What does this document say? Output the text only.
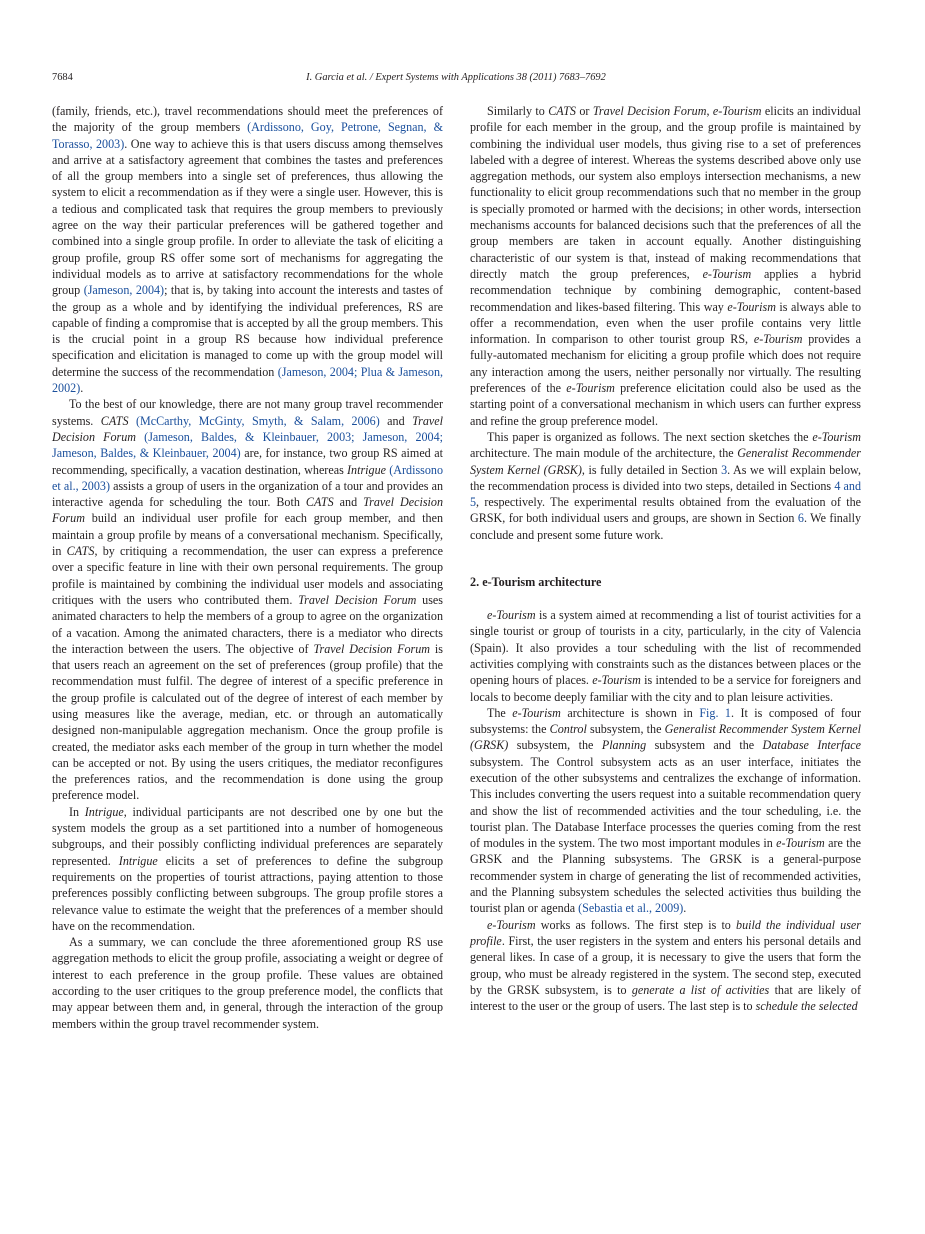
7684	I. Garcia et al. / Expert Systems with Applications 38 (2011) 7683–7692

(family, friends, etc.), travel recommendations should meet the preferences of the majority of the group members (Ardissono, Goy, Petrone, Segnan, & Torasso, 2003). One way to achieve this is that users discuss among themselves and arrive at a satisfactory agreement that combines the tastes and preferences of all the group members into a single set of preferences, thus allowing the system to elicit a recommendation as if they were a single user. However, this is a tedious and complicated task that requires the group members to previously agree on the way their particular preferences will be gathered together and combined into a single group profile. In order to alleviate the task of eliciting a group profile, group RS offer some sort of mechanisms for aggregating the individual models as to arrive at satisfactory recommendations for the whole group (Jameson, 2004); that is, by taking into account the interests and tastes of the group as a whole and by identifying the individual preferences, RS are capable of finding a compromise that is accepted by all the group members. This is the crucial point in a group RS because how individual preference specification and elicitation is managed to come up with the group model will determine the success of the recommendation (Jameson, 2004; Plua & Jameson, 2002).

To the best of our knowledge, there are not many group travel recommender systems. CATS (McCarthy, McGinty, Smyth, & Salam, 2006) and Travel Decision Forum (Jameson, Baldes, & Kleinbauer, 2003; Jameson, 2004; Jameson, Baldes, & Kleinbauer, 2004) are, for instance, two group RS aimed at recommending, specifically, a vacation destination, whereas Intrigue (Ardissono et al., 2003) assists a group of users in the organization of a tour and provides an interactive agenda for scheduling the tour. Both CATS and Travel Decision Forum build an individual user profile for each group member, and then maintain a group profile by means of a conversational mechanism. Specifically, in CATS, by critiquing a recommendation, the user can express a preference over a specific feature in line with their own personal requirements. The group profile is maintained by combining the individual user models and associating critiques with the users who contributed them. Travel Decision Forum uses animated characters to help the members of a group to agree on the organization of a vacation. Among the animated characters, there is a mediator who directs the interaction between the users. The objective of Travel Decision Forum is that users reach an agreement on the set of preferences (group profile) that the recommendation must fulfil. The degree of interest of a specific preference in the group profile is calculated out of the degree of interest of each member by using measures like the average, median, etc. or through an automatically designed non-manipulable aggregation mechanism. Once the group profile is created, the mediator asks each member of the group in turn whether the model can be accepted or not. By using the users critiques, the mediator reconfigures the preferences ratios, and the recommendation is done using the group preference model.

In Intrigue, individual participants are not described one by one but the system models the group as a set partitioned into a number of homogeneous subgroups, and their possibly conflicting individual preferences are separately represented. Intrigue elicits a set of preferences to define the subgroup requirements on the properties of tourist attractions, paying attention to those preferences possibly conflicting between subgroups. The group profile stores a relevance value to estimate the weight that the preferences of a member should have on the recommendation.

As a summary, we can conclude the three aforementioned group RS use aggregation methods to elicit the group profile, associating a weight or degree of interest to each preference in the group profile. These values are obtained according to the user critiques to the group preference model, the conflicts that may appear between them and, in general, through the interaction of the group members within the group travel recommender system.

Similarly to CATS or Travel Decision Forum, e-Tourism elicits an individual profile for each member in the group, and the group profile is maintained by combining the individual user models, thus giving rise to a set of preferences labeled with a degree of interest. Whereas the systems described above only use aggregation methods, our system also employs intersection mechanisms, a new functionality to elicit group recommendations such that no member in the group is specially promoted or harmed with the decisions; in other words, intersection mechanisms accounts for balanced decisions such that the preferences of all the group members are taken in account equally. Another distinguishing characteristic of our system is that, instead of making recommendations that directly match the group preferences, e-Tourism applies a hybrid recommendation technique by combining demographic, content-based recommendation and likes-based filtering. This way e-Tourism is always able to offer a recommendation, even when the user profile contains very little information. In comparison to other tourist group RS, e-Tourism provides a fully-automated mechanism for eliciting a group profile which does not require any interaction among the users, neither personally nor virtually. The resulting preferences of the e-Tourism preference elicitation could also be used as the starting point of a conversational mechanism in which users can further express and refine the group preference model.

This paper is organized as follows. The next section sketches the e-Tourism architecture. The main module of the architecture, the Generalist Recommender System Kernel (GRSK), is fully detailed in Section 3. As we will explain below, the recommendation process is divided into two steps, detailed in Sections 4 and 5, respectively. The experimental results obtained from the evaluation of the GRSK, for both individual users and groups, are shown in Section 6. We finally conclude and present some future work.

2. e-Tourism architecture

e-Tourism is a system aimed at recommending a list of tourist activities for a single tourist or group of tourists in a city, particularly, in the city of Valencia (Spain). It also provides a tour scheduling with the list of recommended activities complying with constraints such as the distances between places or the opening hours of places. e-Tourism is intended to be a service for foreigners and locals to become deeply familiar with the city and to plan leisure activities.

The e-Tourism architecture is shown in Fig. 1. It is composed of four subsystems: the Control subsystem, the Generalist Recommender System Kernel (GRSK) subsystem, the Planning subsystem and the Database Interface subsystem. The Control subsystem acts as an user interface, initiates the execution of the other subsystems and centralizes the exchange of information. This includes converting the users request into a suitable recommendation query and show the list of recommended activities and the tour scheduling, i.e. the tourist plan. The Database Interface processes the queries coming from the rest of modules in the system. The two most important modules in e-Tourism are the GRSK and the Planning subsystems. The GRSK is a general-purpose recommender system in charge of generating the list of recommended activities, and the Planning subsystem schedules the selected activities thus building the tourist plan or agenda (Sebastia et al., 2009).

e-Tourism works as follows. The first step is to build the individual user profile. First, the user registers in the system and enters his personal details and general likes. In case of a group, it is necessary to give the users that form the group, who must be already registered in the system. The second step, executed by the GRSK subsystem, is to generate a list of activities that are likely of interest to the user or the group of users. The last step is to schedule the selected
